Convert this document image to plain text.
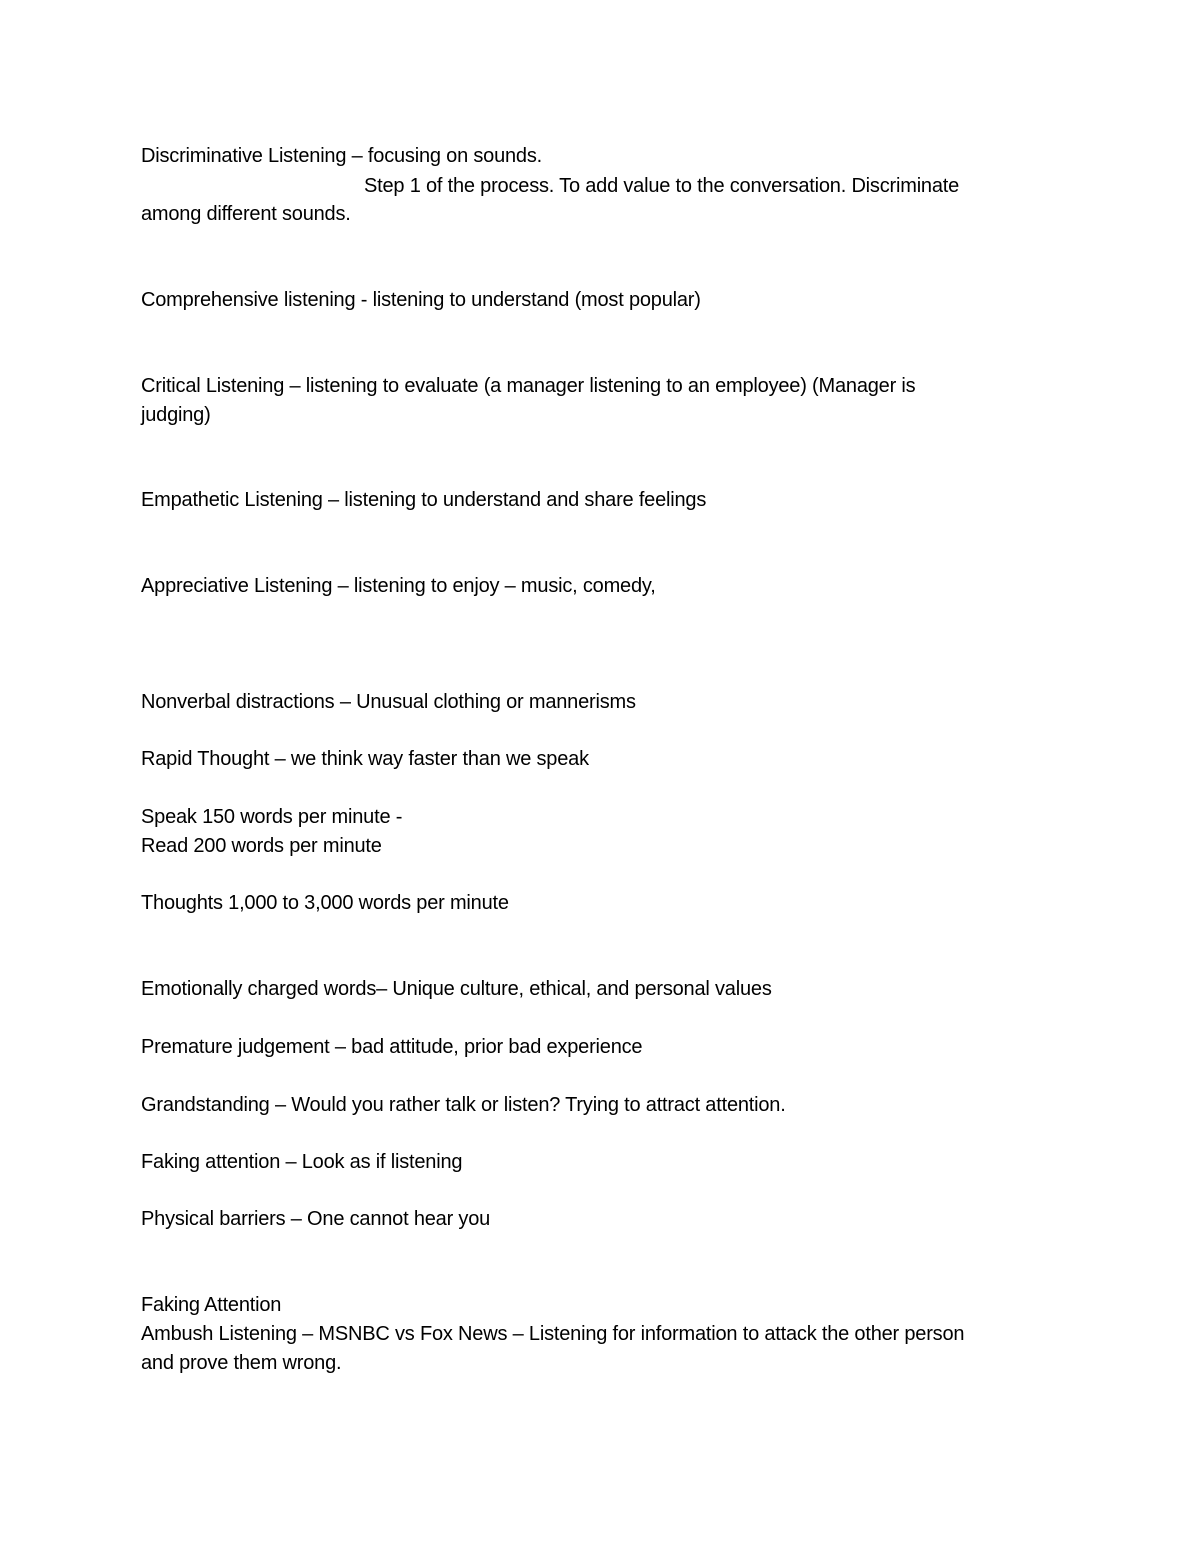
Discriminative Listening – focusing on sounds.
Step 1 of the process. To add value to the conversation. Discriminate
among different sounds.
Comprehensive listening - listening to understand (most popular)
Critical Listening – listening to evaluate (a manager listening to an employee) (Manager is
judging)
Empathetic Listening – listening to understand and share feelings
Appreciative Listening – listening to enjoy – music, comedy,
Nonverbal distractions – Unusual clothing or mannerisms
Rapid Thought – we think way faster than we speak
Speak 150 words per minute -
Read 200 words per minute
Thoughts 1,000 to 3,000 words per minute
Emotionally charged words– Unique culture, ethical, and personal values
Premature judgement – bad attitude, prior bad experience
Grandstanding – Would you rather talk or listen? Trying to attract attention.
Faking attention – Look as if listening
Physical barriers – One cannot hear you
Faking Attention
Ambush Listening – MSNBC vs Fox News – Listening for information to attack the other person
and prove them wrong.
